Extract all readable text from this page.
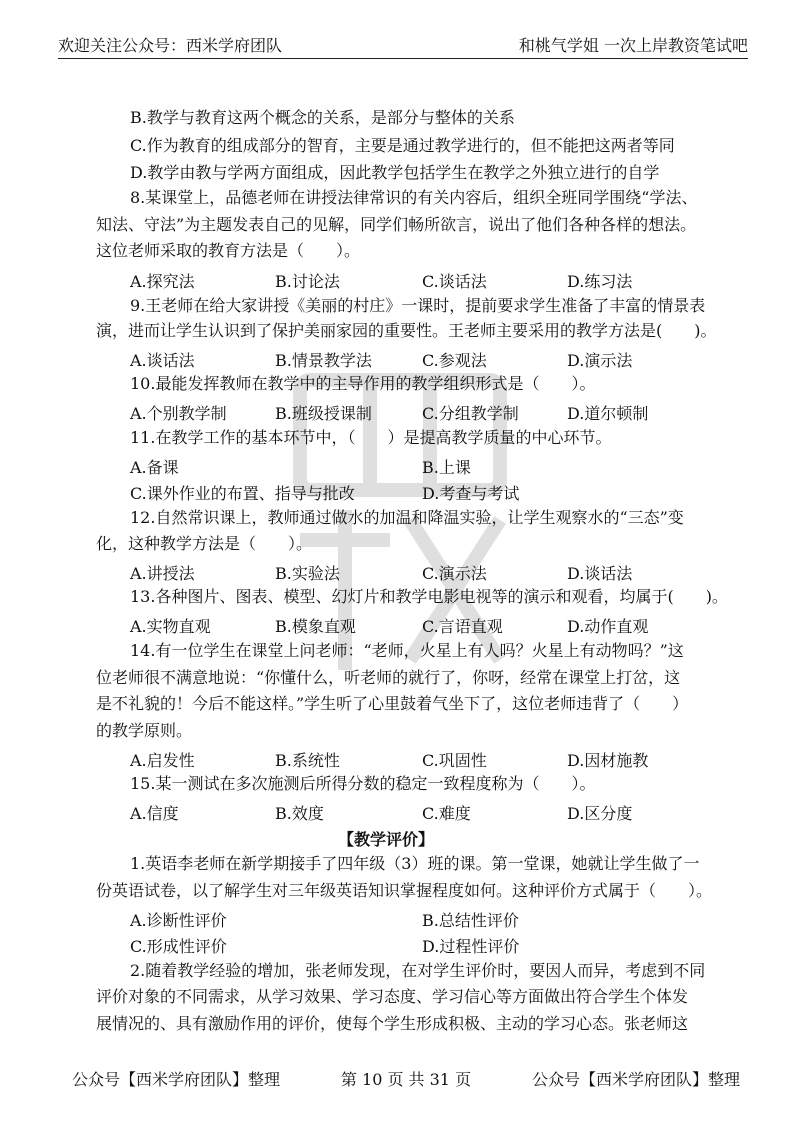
欢迎关注公众号：西米学府团队	和桃气学姐 一次上岸教资笔试吧
B.教学与教育这两个概念的关系，是部分与整体的关系
C.作为教育的组成部分的智育，主要是通过教学进行的，但不能把这两者等同
D.教学由教与学两方面组成，因此教学包括学生在教学之外独立进行的自学
8.某课堂上，品德老师在讲授法律常识的有关内容后，组织全班同学围绕“学法、
知法、守法”为主题发表自己的见解，同学们畅所欲言，说出了他们各种各样的想法。
这位老师采取的教育方法是（　　）。
A.探究法	B.讨论法	C.谈话法	D.练习法
9.王老师在给大家讲授《美丽的村庄》一课时，提前要求学生准备了丰富的情景表
演，进而让学生认识到了保护美丽家园的重要性。王老师主要采用的教学方法是(　　)。
A.谈话法	B.情景教学法	C.参观法	D.演示法
10.最能发挥教师在教学中的主导作用的教学组织形式是（　　）。
A.个别教学制	B.班级授课制	C.分组教学制	D.道尔顿制
11.在教学工作的基本环节中，（　　）是提高教学质量的中心环节。
A.备课	B.上课
C.课外作业的布置、指导与批改	D.考查与考试
12.自然常识课上，教师通过做水的加温和降温实验，让学生观察水的“三态”变
化，这种教学方法是（　　）。
A.讲授法	B.实验法	C.演示法	D.谈话法
13.各种图片、图表、模型、幻灯片和教学电影电视等的演示和观看，均属于(　　)。
A.实物直观	B.模象直观	C.言语直观	D.动作直观
14.有一位学生在课堂上问老师：“老师，火星上有人吗？火星上有动物吗？”这
位老师很不满意地说：“你懂什么，听老师的就行了，你呀，经常在课堂上打岔，这
是不礼貌的！今后不能这样。”学生听了心里鼓着气坐下了，这位老师违背了（　　）
的教学原则。
A.启发性	B.系统性	C.巩固性	D.因材施教
15.某一测试在多次施测后所得分数的稳定一致程度称为（　　）。
A.信度	B.效度	C.难度	D.区分度
【教学评价】
1.英语李老师在新学期接手了四年级（3）班的课。第一堂课，她就让学生做了一
份英语试卷，以了解学生对三年级英语知识掌握程度如何。这种评价方式属于（　　）。
A.诊断性评价	B.总结性评价
C.形成性评价	D.过程性评价
2.随着教学经验的增加，张老师发现，在对学生评价时，要因人而异，考虑到不同
评价对象的不同需求，从学习效果、学习态度、学习信心等方面做出符合学生个体发
展情况的、具有激励作用的评价，使每个学生形成积极、主动的学习心态。张老师这
公众号【西米学府团队】整理	第 10 页 共 31 页	公众号【西米学府团队】整理
